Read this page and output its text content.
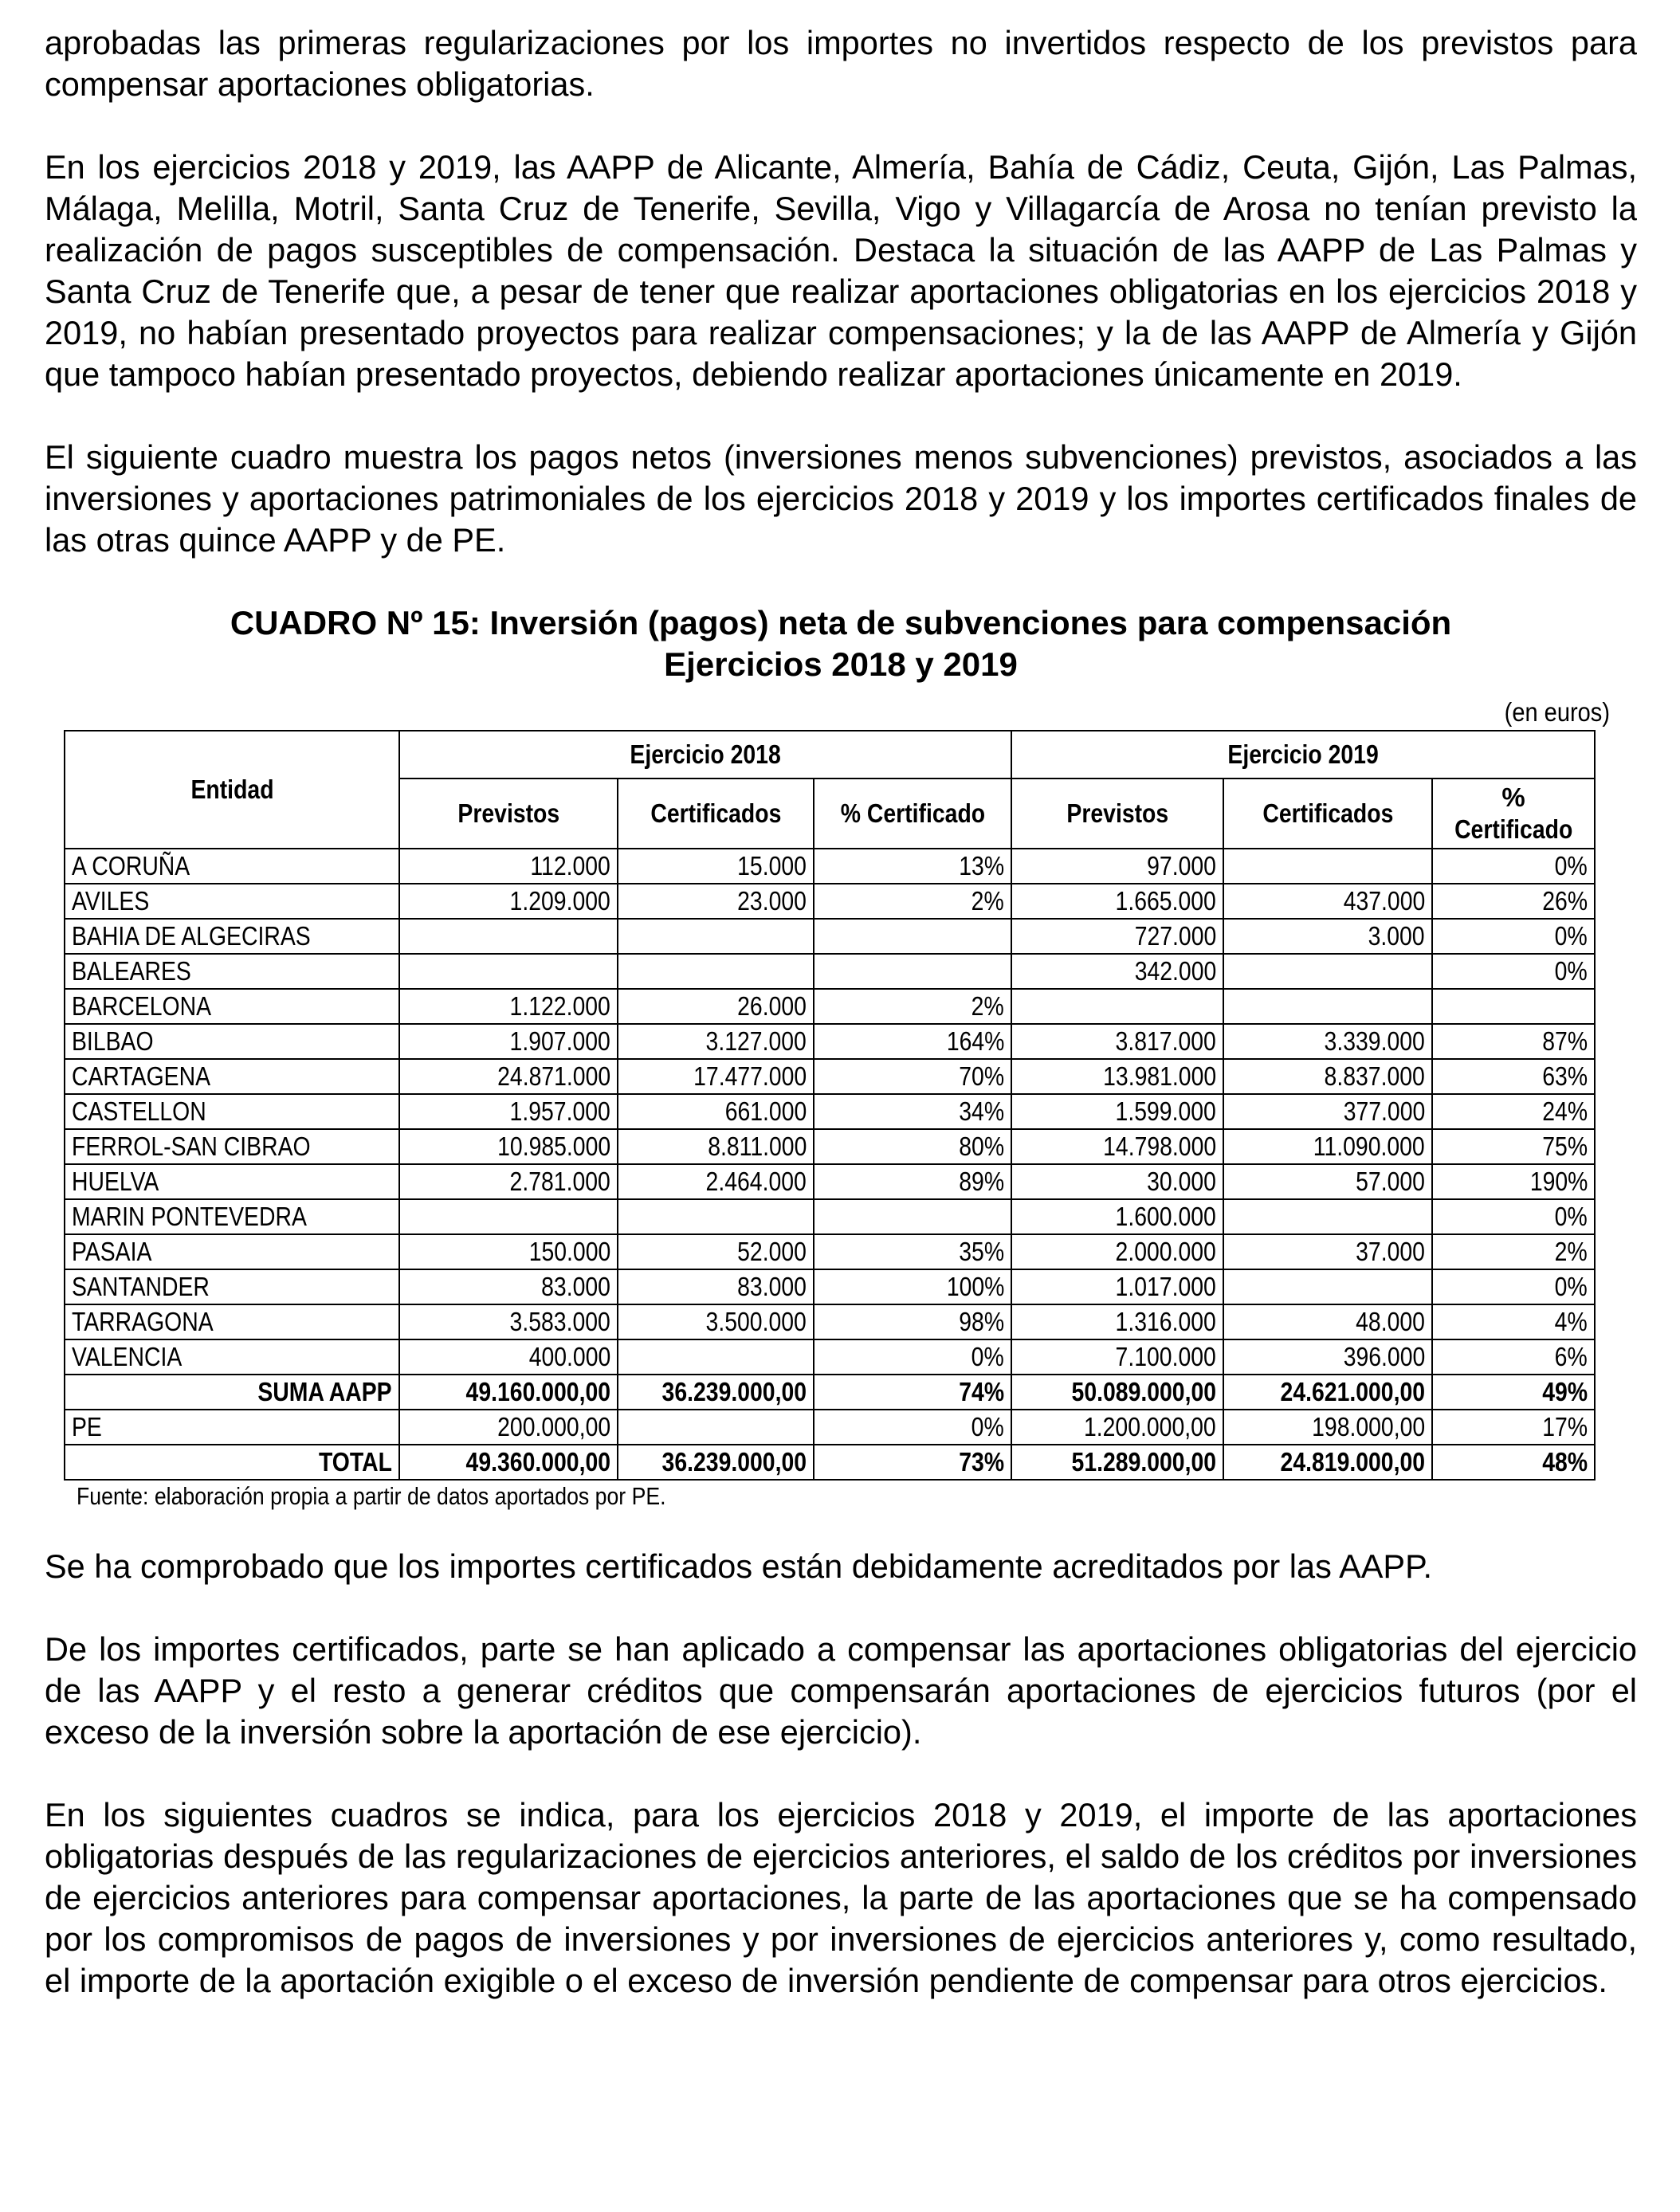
aprobadas las primeras regularizaciones por los importes no invertidos respecto de los previstos para compensar aportaciones obligatorias.

En los ejercicios 2018 y 2019, las AAPP de Alicante, Almería, Bahía de Cádiz, Ceuta, Gijón, Las Palmas, Málaga, Melilla, Motril, Santa Cruz de Tenerife, Sevilla, Vigo y Villagarcía de Arosa no tenían previsto la realización de pagos susceptibles de compensación. Destaca la situación de las AAPP de Las Palmas y Santa Cruz de Tenerife que, a pesar de tener que realizar aportaciones obligatorias en los ejercicios 2018 y 2019, no habían presentado proyectos para realizar compensaciones; y la de las AAPP de Almería y Gijón que tampoco habían presentado proyectos, debiendo realizar aportaciones únicamente en 2019.

El siguiente cuadro muestra los pagos netos (inversiones menos subvenciones) previstos, asociados a las inversiones y aportaciones patrimoniales de los ejercicios 2018 y 2019 y los importes certificados finales de las otras quince AAPP y de PE.

CUADRO Nº 15: Inversión (pagos) neta de subvenciones para compensación
Ejercicios 2018 y 2019
(en euros)
Entidad	Ejercicio 2018			Ejercicio 2019		
	Previstos	Certificados	% Certificado	Previstos	Certificados	%
Certificado

A CORUÑA	112.000	15.000	13%	97.000		0%
AVILES	1.209.000	23.000	2%	1.665.000	437.000	26%
BAHIA DE ALGECIRAS				727.000	3.000	0%
BALEARES				342.000		0%
BARCELONA	1.122.000	26.000	2%			
BILBAO	1.907.000	3.127.000	164%	3.817.000	3.339.000	87%
CARTAGENA	24.871.000	17.477.000	70%	13.981.000	8.837.000	63%
CASTELLON	1.957.000	661.000	34%	1.599.000	377.000	24%
FERROL-SAN CIBRAO	10.985.000	8.811.000	80%	14.798.000	11.090.000	75%
HUELVA	2.781.000	2.464.000	89%	30.000	57.000	190%
MARIN PONTEVEDRA				1.600.000		0%
PASAIA	150.000	52.000	35%	2.000.000	37.000	2%
SANTANDER	83.000	83.000	100%	1.017.000		0%
TARRAGONA	3.583.000	3.500.000	98%	1.316.000	48.000	4%
VALENCIA	400.000		0%	7.100.000	396.000	6%
SUMA AAPP	49.160.000,00	36.239.000,00	74%	50.089.000,00	24.621.000,00	49%
PE	200.000,00		0%	1.200.000,00	198.000,00	17%
TOTAL	49.360.000,00	36.239.000,00	73%	51.289.000,00	24.819.000,00	48%
Fuente: elaboración propia a partir de datos aportados por PE.

Se ha comprobado que los importes certificados están debidamente acreditados por las AAPP.

De los importes certificados, parte se han aplicado a compensar las aportaciones obligatorias del ejercicio de las AAPP y el resto a generar créditos que compensarán aportaciones de ejercicios futuros (por el exceso de la inversión sobre la aportación de ese ejercicio).

En los siguientes cuadros se indica, para los ejercicios 2018 y 2019, el importe de las aportaciones obligatorias después de las regularizaciones de ejercicios anteriores, el saldo de los créditos por inversiones de ejercicios anteriores para compensar aportaciones, la parte de las aportaciones que se ha compensado por los compromisos de pagos de inversiones y por inversiones de ejercicios anteriores y, como resultado, el importe de la aportación exigible o el exceso de inversión pendiente de compensar para otros ejercicios.
